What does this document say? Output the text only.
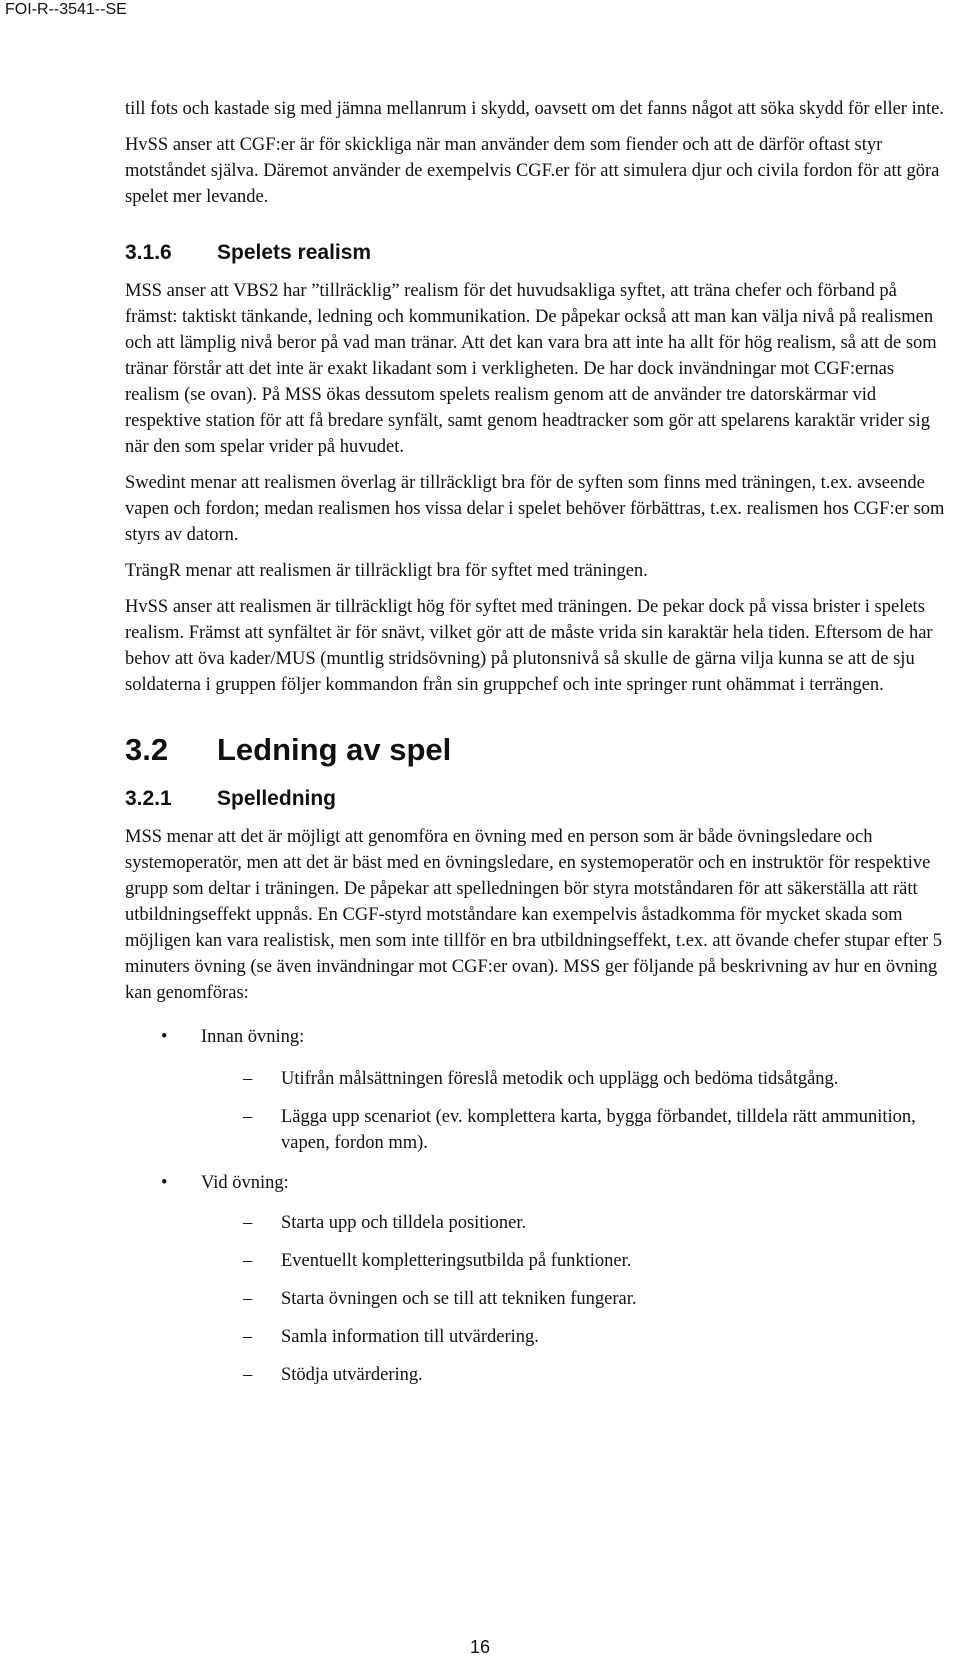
FOI-R--3541--SE

till fots och kastade sig med jämna mellanrum i skydd, oavsett om det fanns något att söka skydd för eller inte.

HvSS anser att CGF:er är för skickliga när man använder dem som fiender och att de därför oftast styr motståndet själva. Däremot använder de exempelvis CGF.er för att simulera djur och civila fordon för att göra spelet mer levande.

3.1.6	Spelets realism

MSS anser att VBS2 har ”tillräcklig” realism för det huvudsakliga syftet, att träna chefer och förband på främst: taktiskt tänkande, ledning och kommunikation. De påpekar också att man kan välja nivå på realismen och att lämplig nivå beror på vad man tränar. Att det kan vara bra att inte ha allt för hög realism, så att de som tränar förstår att det inte är exakt likadant som i verkligheten. De har dock invändningar mot CGF:ernas realism (se ovan). På MSS ökas dessutom spelets realism genom att de använder tre datorskärmar vid respektive station för att få bredare synfält, samt genom headtracker som gör att spelarens karaktär vrider sig när den som spelar vrider på huvudet.

Swedint menar att realismen överlag är tillräckligt bra för de syften som finns med träningen, t.ex. avseende vapen och fordon; medan realismen hos vissa delar i spelet behöver förbättras, t.ex. realismen hos CGF:er som styrs av datorn.

TrängR menar att realismen är tillräckligt bra för syftet med träningen.

HvSS anser att realismen är tillräckligt hög för syftet med träningen. De pekar dock på vissa brister i spelets realism. Främst att synfältet är för snävt, vilket gör att de måste vrida sin karaktär hela tiden. Eftersom de har behov att öva kader/MUS (muntlig stridsövning) på plutonsnivå så skulle de gärna vilja kunna se att de sju soldaterna i gruppen följer kommandon från sin gruppchef och inte springer runt ohämmat i terrängen.

3.2	Ledning av spel
3.2.1	Spelledning

MSS menar att det är möjligt att genomföra en övning med en person som är både övningsledare och systemoperatör, men att det är bäst med en övningsledare, en systemoperatör och en instruktör för respektive grupp som deltar i träningen. De påpekar att spelledningen bör styra motståndaren för att säkerställa att rätt utbildningseffekt uppnås. En CGF-styrd motståndare kan exempelvis åstadkomma för mycket skada som möjligen kan vara realistisk, men som inte tillför en bra utbildningseffekt, t.ex. att övande chefer stupar efter 5 minuters övning (se även invändningar mot CGF:er ovan). MSS ger följande på beskrivning av hur en övning kan genomföras:

• Innan övning:
– Utifrån målsättningen föreslå metodik och upplägg och bedöma tidsåtgång.
– Lägga upp scenariot (ev. komplettera karta, bygga förbandet, tilldela rätt ammunition, vapen, fordon mm).
• Vid övning:
– Starta upp och tilldela positioner.
– Eventuellt kompletteringsutbilda på funktioner.
– Starta övningen och se till att tekniken fungerar.
– Samla information till utvärdering.
– Stödja utvärdering.
16
